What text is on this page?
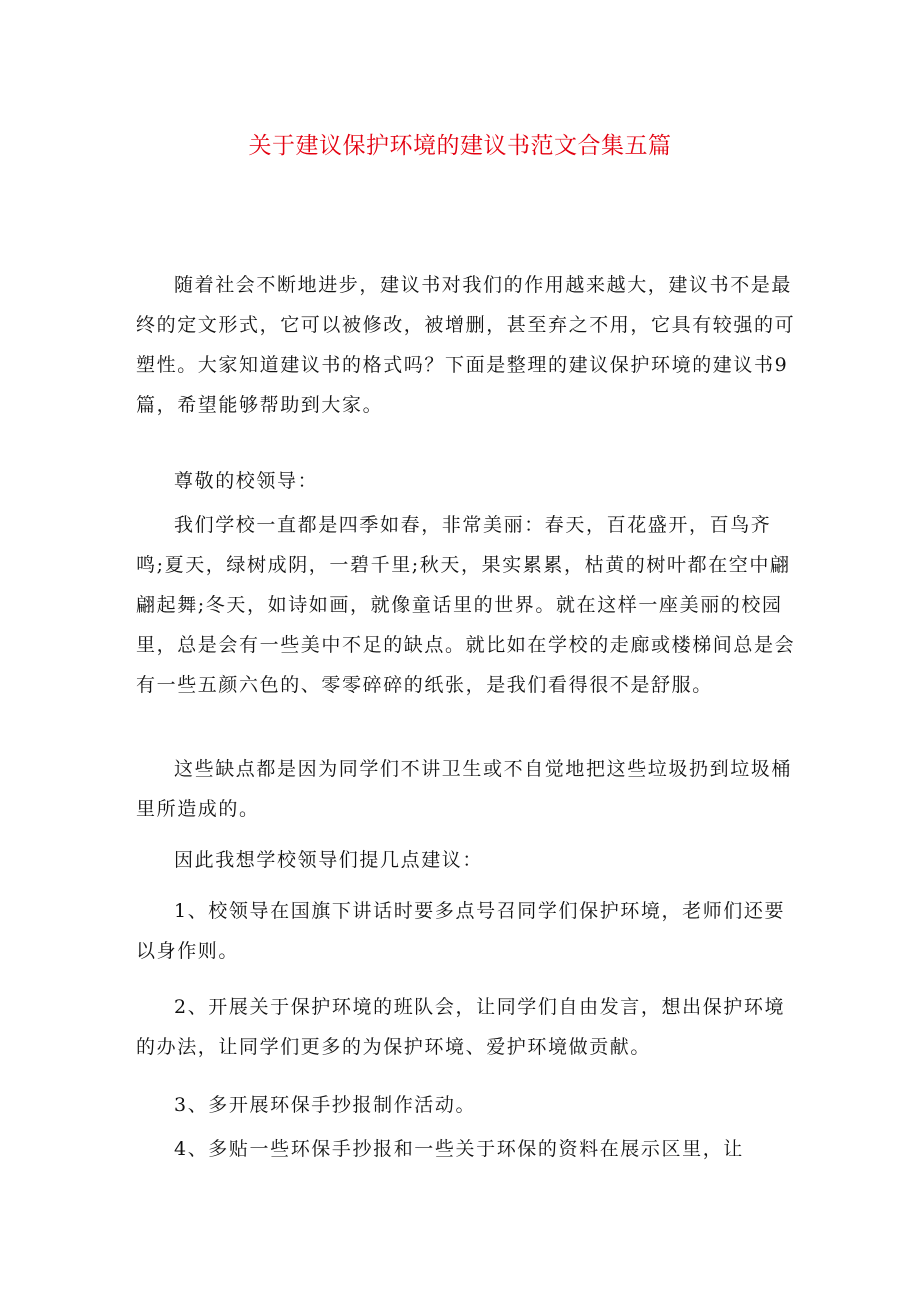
关于建议保护环境的建议书范文合集五篇

随着社会不断地进步，建议书对我们的作用越来越大，建议书不是最终的定文形式，它可以被修改，被增删，甚至弃之不用，它具有较强的可塑性。大家知道建议书的格式吗？下面是整理的建议保护环境的建议书9篇，希望能够帮助到大家。

尊敬的校领导：

我们学校一直都是四季如春，非常美丽：春天，百花盛开，百鸟齐鸣;夏天，绿树成阴，一碧千里;秋天，果实累累，枯黄的树叶都在空中翩翩起舞;冬天，如诗如画，就像童话里的世界。就在这样一座美丽的校园里，总是会有一些美中不足的缺点。就比如在学校的走廊或楼梯间总是会有一些五颜六色的、零零碎碎的纸张，是我们看得很不是舒服。

这些缺点都是因为同学们不讲卫生或不自觉地把这些垃圾扔到垃圾桶里所造成的。

因此我想学校领导们提几点建议：

1、校领导在国旗下讲话时要多点号召同学们保护环境，老师们还要以身作则。

2、开展关于保护环境的班队会，让同学们自由发言，想出保护环境的办法，让同学们更多的为保护环境、爱护环境做贡献。

3、多开展环保手抄报制作活动。

4、多贴一些环保手抄报和一些关于环保的资料在展示区里，让
